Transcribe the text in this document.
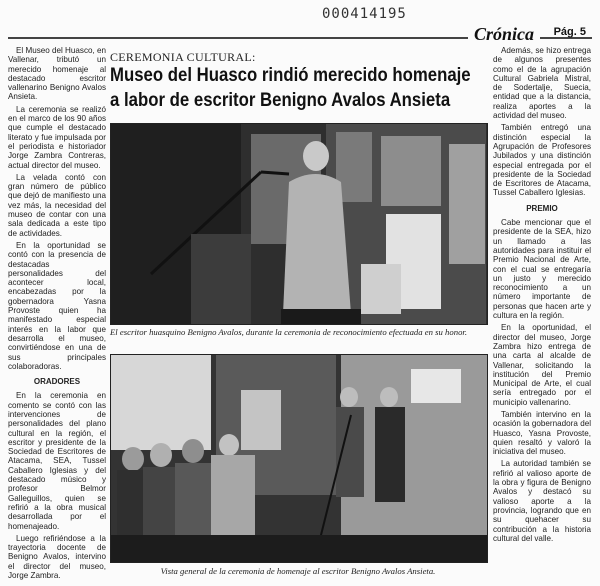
000414195
Crónica	Pág. 5

El Museo del Huasco, en Vallenar, tributó un merecido homenaje al destacado escritor vallenarino Benigno Avalos Ansieta.

La ceremonia se realizó en el marco de los 90 años que cumple el destacado literato y fue impulsada por el periodista e historiador Jorge Zambra Contreras, actual director del museo.

La velada contó con gran número de público que dejó de manifiesto una vez más, la necesidad del museo de contar con una sala dedicada a este tipo de actividades.

En la oportunidad se contó con la presencia de destacadas personalidades del acontecer local, encabezadas por la gobernadora Yasna Provoste quien ha manifestado especial interés en la labor que desarrolla el museo, convirtiéndose en una de sus principales colaboradoras.

ORADORES

En la ceremonia en comento se contó con las intervenciones de personalidades del plano cultural en la región, el escritor y presidente de la Sociedad de Escritores de Atacama, SEA, Tussel Caballero Iglesias y del destacado músico y profesor Belmor Galleguillos, quien se refirió a la obra musical desarrollada por el homenajeado.

Luego refiriéndose a la trayectoria docente de Benigno Avalos, intervino el director del museo, Jorge Zambra.

CEREMONIA CULTURAL:
Museo del Huasco rindió merecido homenaje
a labor de escritor Benigno Avalos Ansieta
El escritor huasquino Benigno Avalos, durante la ceremonia de reconocimiento efectuada en su honor.
Vista general de la ceremonia de homenaje al escritor Benigno Avalos Ansieta.

Además, se hizo entrega de algunos presentes como el de la agrupación Cultural Gabriela Mistral, de Sodertalje, Suecia, entidad que a la distancia, realiza aportes a la actividad del museo.

También entregó una distinción especial la Agrupación de Profesores Jubilados y una distinción especial entregada por el presidente de la Sociedad de Escritores de Atacama, Tussel Caballero Iglesias.

PREMIO

Cabe mencionar que el presidente de la SEA, hizo un llamado a las autoridades para instituir el Premio Nacional de Arte, con el cual se entregaría un justo y merecido reconocimiento a un número importante de personas que hacen arte y cultura en la región.

En la oportunidad, el director del museo, Jorge Zambra hizo entrega de una carta al alcalde de Vallenar, solicitando la institución del Premio Municipal de Arte, el cual sería entregado por el municipio vallenarino.

También intervino en la ocasión la gobernadora del Huasco, Yasna Provoste, quien resaltó y valoró la iniciativa del museo.

La autoridad también se refirió al valioso aporte de la obra y figura de Benigno Avalos y destacó su valioso aporte a la provincia, logrando que en su quehacer su contribución a la historia cultural del valle.
